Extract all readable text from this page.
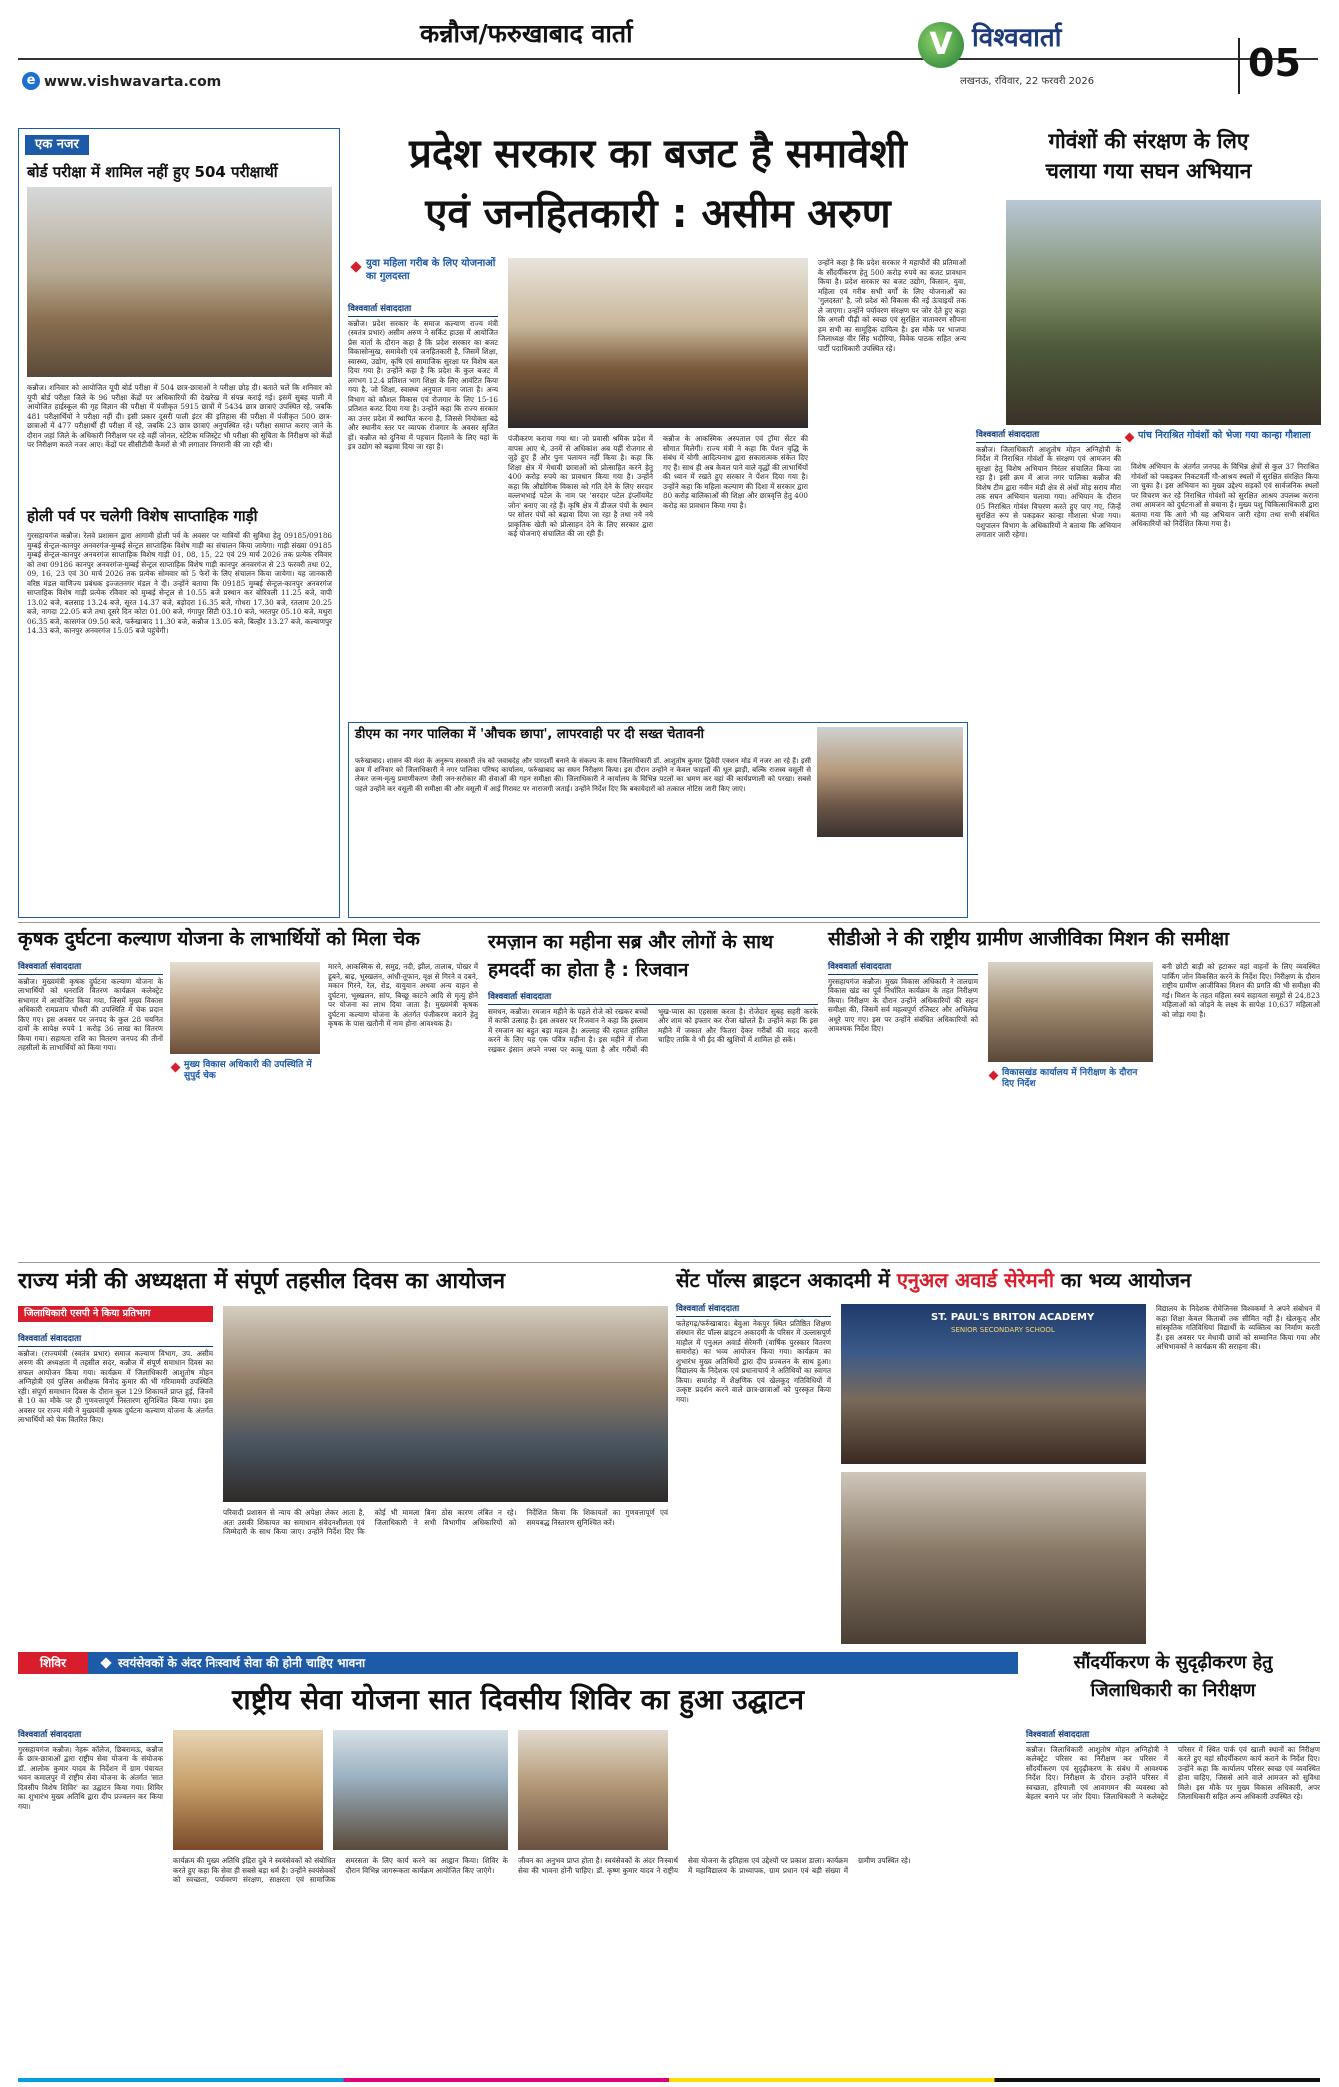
कन्नौज/फरुखाबाद वार्ता
e www.vishwavarta.com
V विश्ववार्ता
लखनऊ, रविवार, 22 फरवरी 2026	05
एक नजर
बोर्ड परीक्षा में शामिल नहीं हुए 504 परीक्षार्थी
कन्नौज। शनिवार को आयोजित यूपी बोर्ड परीक्षा में 504 छात्र-छात्राओं ने परीक्षा छोड़ दी। बताते चलें कि शनिवार को यूपी बोर्ड परीक्षा जिले के 96 परीक्षा केंद्रों पर अधिकारियों की देखरेख में संपन्न कराई गई। इसमें सुबह पाली में आयोजित हाईस्कूल की गृह विज्ञान की परीक्षा में पंजीकृत 5915 छात्रों में 5434 छात्र छात्राएं उपस्थित रहे, जबकि 481 परीक्षार्थियों ने परीक्षा नहीं दी। इसी प्रकार दूसरी पाली इंटर की इतिहास की परीक्षा में पंजीकृत 500 छात्र-छात्राओं में 477 परीक्षार्थी ही परीक्षा में रहे, जबकि 23 छात्र छात्राएं अनुपस्थित रहे। परीक्षा समाप्त कराए जाने के दौरान जहां जिले के अधिकारी निरीक्षण पर रहे वहीं जोनल, स्टेटिक मजिस्ट्रेट भी परीक्षा की सुचिता के निरीक्षण को केंद्रों पर निरीक्षण करते नजर आए। केंद्रों पर सीसीटीवी कैमरों से भी लगातार निगरानी की जा रही थी।
होली पर्व पर चलेगी विशेष साप्ताहिक गाड़ी
गुरसहायगंज कन्नौज। रेलवे प्रशासन द्वारा आगामी होली पर्व के अवसर पर यात्रियों की सुविधा हेतु 09185/09186 मुम्बई सेन्ट्रल-कानपुर अनवरगंज-मुम्बई सेन्ट्रल साप्ताहिक विशेष गाड़ी का संचालन किया जायेगा। गाड़ी संख्या 09185 मुम्बई सेन्ट्रल-कानपुर अनवरगंज साप्ताहिक विशेष गाड़ी 01, 08, 15, 22 एवं 29 मार्च 2026 तक प्रत्येक रविवार को तथा 09186 कानपुर अनवरगंज-मुम्बई सेन्ट्रल साप्ताहिक विशेष गाड़ी कानपुर अनवरगंज से 23 फरवरी तथा 02, 09, 16, 23 एवं 30 मार्च 2026 तक प्रत्येक सोमवार को 5 फेरों के लिए संचालन किया जायेगा। यह जानकारी वरिष्ठ मंडल वाणिज्य प्रबंधक इज्जतनगर मंडल ने दी। उन्होंने बताया कि 09185 मुम्बई सेन्ट्रल-कानपुर अनवरगंज साप्ताहिक विशेष गाड़ी प्रत्येक रविवार को मुम्बई सेन्ट्रल से 10.55 बजे प्रस्थान कर बोरिवली 11.25 बजे, वापी 13.02 बजे, बलसाड़ 13.24 बजे, सूरत 14.37 बजे, बड़ोदरा 16.35 बजे, गोधरा 17.30 बजे, रतलाम 20.25 बजे, नागदा 22.05 बजे तथा दूसरे दिन कोटा 01.00 बजे, गंगापुर सिटी 03.10 बजे, भरतपुर 05.10 बजे, मथुरा 06.35 बजे, कासगंज 09.50 बजे, फर्रुखाबाद 11.30 बजे, कन्नौज 13.05 बजे, बिल्हौर 13.27 बजे, कल्याणपुर 14.33 बजे, कानपुर अनवरगंज 15.05 बजे पहुंचेगी।
प्रदेश सरकार का बजट है समावेशी
एवं जनहितकारी : असीम अरुण
युवा महिला गरीब के लिए योजनाओं का गुलदस्ता
विश्ववार्ता संवाददाता
कन्नौज। प्रदेश सरकार के समाज कल्याण राज्य मंत्री (स्वतंत्र प्रभार) असीम अरुण ने सर्किट हाउस में आयोजित प्रेस वार्ता के दौरान कहा है कि प्रदेश सरकार का बजट विकासोन्मुख, समावेशी एवं जनहितकारी है, जिसमें शिक्षा, स्वास्थ्य, उद्योग, कृषि एवं सामाजिक सुरक्षा पर विशेष बल दिया गया है। उन्होंने कहा है कि प्रदेश के कुल बजट में लगभग 12.4 प्रतिशत भाग शिक्षा के लिए आवंटित किया गया है, जो शिक्षा, स्वास्थ्य अनुपात माना जाता है। अन्य विभाग को कौशल विकास एवं रोजगार के लिए 15-16 प्रतिशत बजट दिया गया है। उन्होंने कहा कि राज्य सरकार का उत्तर प्रदेश में स्थापित करना है, जिससे नियोक्ता बढ़े और स्थानीय स्तर पर व्यापक रोजगार के अवसर सृजित हों। कन्नौज को दुनिया में पहचान दिलाने के लिए यहां के इत्र उद्योग को बढ़ावा दिया जा रहा है।
पंजीकरण कराया गया था। जो प्रवासी श्रमिक प्रदेश में वापस आए थे, उनमें से अधिकांश अब यहीं रोजगार से जुड़े हुए हैं और पुनः पलायन नहीं किया है। कहा कि शिक्षा क्षेत्र में मेधावी छात्राओं को प्रोत्साहित करने हेतु 400 करोड़ रुपये का प्रावधान किया गया है। उन्होंने कहा कि औद्योगिक विकास को गति देने के लिए सरदार वल्लभभाई पटेल के नाम पर 'सरदार पटेल इंप्लॉयमेंट जोन' बनाए जा रहे हैं। कृषि क्षेत्र में डीजल पंपों के स्थान पर सोलर पंपों को बढ़ावा दिया जा रहा है तथा नये नये प्राकृतिक खेती को प्रोत्साहन देने के लिए सरकार द्वारा कई योजनाएं संचालित की जा रही हैं।
कन्नौज के आकस्मिक अस्पताल एवं ट्रॉमा सेंटर की सौगात मिलेगी। राज्य मंत्री ने कहा कि पेंशन वृद्धि के संबंध में योगी आदित्यनाथ द्वारा सकारात्मक संकेत दिए गए हैं। साथ ही अब केवल पाने वाले वृद्धों की लाभार्थियों की ध्यान में रखते हुए सरकार ने पेंशन दिया गया है। उन्होंने कहा कि महिला कल्याण की दिशा में सरकार द्वारा 80 करोड़ बालिकाओं की शिक्षा और छात्रवृत्ति हेतु 400 करोड़ का प्रावधान किया गया है।
उन्होंने कहा है कि प्रदेश सरकार ने महापौरों की प्रतिमाओं के सौंदर्यीकरण हेतु 500 करोड़ रुपये का बजट प्रावधान किया है। प्रदेश सरकार का बजट उद्योग, किसान, युवा, महिला एवं गरीब सभी वर्गों के लिए योजनाओं का 'गुलदस्ता' है, जो प्रदेश को विकास की नई ऊंचाइयों तक ले जाएगा। उन्होंने पर्यावरण संरक्षण पर जोर देते हुए कहा कि अगली पीढ़ी को स्वच्छ एवं सुरक्षित वातावरण सौंपना हम सभी का सामूहिक दायित्व है। इस मौके पर भाजपा जिलाध्यक्ष वीर सिंह भदौरिया, विवेक पाठक सहित अन्य पार्टी पदाधिकारी उपस्थित रहे।
डीएम का नगर पालिका में 'औचक छापा', लापरवाही पर दी सख्त चेतावनी
फर्रुखाबाद। शासन की मंशा के अनुरूप सरकारी तंत्र को जवाबदेह और पारदर्शी बनाने के संकल्प के साथ जिलाधिकारी डॉ. आशुतोष कुमार द्विवेदी एक्शन मोड में नजर आ रहे हैं। इसी क्रम में शनिवार को जिलाधिकारी ने नगर पालिका परिषद कार्यालय, फर्रुखाबाद का सघन निरीक्षण किया। इस दौरान उन्होंने न केवल फाइलों की धूल झाड़ी, बल्कि राजस्व वसूली से लेकर जन्म-मृत्यु प्रमाणीकरण जैसी जन-सरोकार की सेवाओं की गहन समीक्षा की। जिलाधिकारी ने कार्यालय के विभिन्न पटलों का भ्रमण कर वहां की कार्यप्रणाली को परखा। सबसे पहले उन्होंने कर वसूली की समीक्षा की और वसूली में आई गिरावट पर नाराजगी जताई। उन्होंने निर्देश दिए कि बकायेदारों को तत्काल नोटिस जारी किए जाएं।
गोवंशों की संरक्षण के लिए
चलाया गया सघन अभियान
पांच निराश्रित गोवंशों को भेजा गया कान्हा गौशाला
विश्ववार्ता संवाददाता
कन्नौज। जिलाधिकारी आशुतोष मोहन अग्निहोत्री के निर्देश में निराश्रित गोवंशों के संरक्षण एवं आमजन की सुरक्षा हेतु विशेष अभियान निरंतर संचालित किया जा रहा है। इसी क्रम में आज नगर पालिका कन्नौज की विशेष टीम द्वारा नवीन मंडी क्षेत्र से अंधों मोड़ सराय मीरा तक सघन अभियान चलाया गया। अभियान के दौरान 05 निराश्रित गोवंश विचरण करते हुए पाए गए, जिन्हें सुरक्षित रूप से पकड़कर कान्हा गौशाला भेजा गया। पशुपालन विभाग के अधिकारियों ने बताया कि अभियान लगातार जारी रहेगा।
विशेष अभियान के अंतर्गत जनपद के विभिन्न क्षेत्रों से कुल 37 निराश्रित गोवंशों को पकड़कर निकटवर्ती गौ-आश्रय स्थलों में सुरक्षित संरक्षित किया जा चुका है। इस अभियान का मुख्य उद्देश्य सड़कों एवं सार्वजनिक स्थलों पर विचरण कर रहे निराश्रित गोवंशों को सुरक्षित आश्रय उपलब्ध कराना तथा आमजन को दुर्घटनाओं से बचाना है। मुख्य पशु चिकित्साधिकारी द्वारा बताया गया कि आगे भी यह अभियान जारी रहेगा तथा सभी संबंधित अधिकारियों को निर्देशित किया गया है।
कृषक दुर्घटना कल्याण योजना के लाभार्थियों को मिला चेक
विश्ववार्ता संवाददाता
कन्नौज। मुख्यमंत्री कृषक दुर्घटना कल्याण योजना के लाभार्थियों को धनराशि वितरण कार्यक्रम कलेक्ट्रेट सभागार में आयोजित किया गया, जिसमें मुख्य विकास अधिकारी रामप्रताप चौधरी की उपस्थिति में चेक प्रदान किए गए। इस अवसर पर जनपद के कुल 28 चयनित दावों के सापेक्ष रुपये 1 करोड़ 36 लाख का वितरण किया गया। सहायता राशि का वितरण जनपद की तीनों तहसीलों के लाभार्थियों को किया गया।
मुख्य विकास अधिकारी की उपस्थिति में सुपुर्द चेक
मारने, आकस्मिक से, समुद्र, नदी, झील, तालाब, पोखर में डूबने, बाढ़, भूस्खलन, आंधी-तूफान, वृक्ष से गिरने व दबने, मकान गिरने, रेल, रोड, वायुयान अथवा अन्य वाहन से दुर्घटना, भूस्खलन, सांप, बिच्छू काटने आदि से मृत्यु होने पर योजना का लाभ दिया जाता है। मुख्यमंत्री कृषक दुर्घटना कल्याण योजना के अंतर्गत पंजीकरण कराने हेतु कृषक के पास खतौनी में नाम होना आवश्यक है।
रमज़ान का महीना सब्र और लोगों के साथ हमदर्दी का होता है : रिजवान
विश्ववार्ता संवाददाता
समधन, कन्नौज। रमजान महीने के पहले रोजे को रखकर बच्चों में काफी उत्साह है। इस अवसर पर रिजवान ने कहा कि इस्लाम में रमजान का बहुत बड़ा महत्व है। अल्लाह की रहमत हासिल करने के लिए यह एक पवित्र महीना है। इस महीने में रोजा रखकर इंसान अपने नफ्स पर काबू पाता है और गरीबों की भूख-प्यास का एहसास करता है। रोजेदार सुबह सहरी करके और शाम को इफ्तार कर रोजा खोलते हैं। उन्होंने कहा कि इस महीने में जकात और फितरा देकर गरीबों की मदद करनी चाहिए ताकि वे भी ईद की खुशियों में शामिल हो सकें।
सीडीओ ने की राष्ट्रीय ग्रामीण आजीविका मिशन की समीक्षा
विश्ववार्ता संवाददाता
गुरसहायगंज कन्नौज। मुख्य विकास अधिकारी ने तालग्राम विकास खंड का पूर्व निर्धारित कार्यक्रम के तहत निरीक्षण किया। निरीक्षण के दौरान उन्होंने अधिकारियों की सहन समीक्षा की, जिसमें सर्व महत्वपूर्ण रजिस्टर और अभिलेख अधूरे पाए गए। इस पर उन्होंने संबंधित अधिकारियों को आवश्यक निर्देश दिए।
विकासखंड कार्यालय में निरीक्षण के दौरान दिए निर्देश
बनी छोटी बाड़ी को हटाकर वहां वाहनों के लिए व्यवस्थित पार्किंग जोन विकसित करने के निर्देश दिए। निरीक्षण के दौरान राष्ट्रीय ग्रामीण आजीविका मिशन की प्रगति की भी समीक्षा की गई। मिशन के तहत महिला स्वयं सहायता समूहों से 24,823 महिलाओं को जोड़ने के लक्ष्य के सापेक्ष 10,637 महिलाओं को जोड़ा गया है।
राज्य मंत्री की अध्यक्षता में संपूर्ण तहसील दिवस का आयोजन
जिलाधिकारी एसपी ने किया प्रतिभाग
विश्ववार्ता संवाददाता
कन्नौज। (राज्यमंत्री (स्वतंत्र प्रभार) समाज कल्याण विभाग, उप. असीम अरुण की अध्यक्षता में तहसील सदर, कन्नौज में संपूर्ण समाधान दिवस का सफल आयोजन किया गया। कार्यक्रम में जिलाधिकारी आशुतोष मोहन अग्निहोत्री एवं पुलिस अधीक्षक विनोद कुमार की भी गरिमामयी उपस्थिति रही। संपूर्ण समाधान दिवस के दौरान कुल 129 शिकायतें प्राप्त हुई, जिनमें से 10 का मौके पर ही गुणवत्तापूर्ण निस्तारण सुनिश्चित किया गया। इस अवसर पर राज्य मंत्री ने मुख्यमंत्री कृषक दुर्घटना कल्याण योजना के अंतर्गत लाभार्थियों को चेक वितरित किए।
परिवादी प्रशासन से न्याय की अपेक्षा लेकर आता है, अतः उसकी शिकायत का समाधान संवेदनशीलता एवं जिम्मेदारी के साथ किया जाए। उन्होंने निर्देश दिए कि कोई भी मामला बिना ठोस कारण लंबित न रहे। जिलाधिकारी ने सभी विभागीय अधिकारियों को निर्देशित किया कि शिकायतों का गुणवत्तापूर्ण एवं समयबद्ध निस्तारण सुनिश्चित करें।
सेंट पॉल्स ब्राइटन अकादमी में एनुअल अवार्ड सेरेमनी का भव्य आयोजन
विश्ववार्ता संवाददाता
फतेहगढ़/फर्रुखाबाद। बेवुआ नेकपुर स्थित प्रतिष्ठित शिक्षण संस्थान सेंट पॉल्स ब्राइटन अकादमी के परिसर में उल्लासपूर्ण माहौल में एनुअल अवार्ड सेरेमनी (वार्षिक पुरस्कार वितरण समारोह) का भव्य आयोजन किया गया। कार्यक्रम का शुभारंभ मुख्य अतिथियों द्वारा दीप प्रज्वलन के साथ हुआ। विद्यालय के निदेशक एवं प्रधानाचार्य ने अतिथियों का स्वागत किया। समारोह में शैक्षणिक एवं खेलकूद गतिविधियों में उत्कृष्ट प्रदर्शन करने वाले छात्र-छात्राओं को पुरस्कृत किया गया।
ST. PAUL'S BRITON ACADEMY
SENIOR SECONDARY SCHOOL
विद्यालय के निदेशक रोमेजिनस विश्वकर्मा ने अपने संबोधन में कहा शिक्षा केवल किताबों तक सीमित नहीं है। खेलकूद और सांस्कृतिक गतिविधियां विद्यार्थी के व्यक्तित्व का निर्माण करती हैं। इस अवसर पर मेधावी छात्रों को सम्मानित किया गया और अभिभावकों ने कार्यक्रम की सराहना की।
शिविर	स्वयंसेवकों के अंदर निःस्वार्थ सेवा की होनी चाहिए भावना
राष्ट्रीय सेवा योजना सात दिवसीय शिविर का हुआ उद्घाटन
विश्ववार्ता संवाददाता
गुरसहायगंज कन्नौज। नेहरू कॉलेज, छिबरामऊ, कन्नौज के छात्र-छात्राओं द्वारा राष्ट्रीय सेवा योजना के संयोजक डॉ. आलोक कुमार यादव के निर्देशन में ग्राम पंचायत भवन कमालपुर में राष्ट्रीय सेवा योजना के अंतर्गत 'सात दिवसीय विशेष शिविर' का उद्घाटन किया गया। शिविर का शुभारंभ मुख्य अतिथि द्वारा दीप प्रज्वलन कर किया गया।
कार्यक्रम की मुख्य अतिथि इंद्रिरा दुबे ने स्वयंसेवकों को संबोधित करते हुए कहा कि सेवा ही सबसे बड़ा धर्म है। उन्होंने स्वयंसेवकों को स्वच्छता, पर्यावरण संरक्षण, साक्षरता एवं सामाजिक समरसता के लिए कार्य करने का आह्वान किया। शिविर के दौरान विभिन्न जागरूकता कार्यक्रम आयोजित किए जाएंगे।
जीवन का अनुभव प्राप्त होता है। स्वयंसेवकों के अंदर निःस्वार्थ सेवा की भावना होनी चाहिए। डॉ. कृष्ण कुमार यादव ने राष्ट्रीय सेवा योजना के इतिहास एवं उद्देश्यों पर प्रकाश डाला। कार्यक्रम में महाविद्यालय के प्राध्यापक, ग्राम प्रधान एवं बड़ी संख्या में ग्रामीण उपस्थित रहे।
सौंदर्यीकरण के सुदृढ़ीकरण हेतु
जिलाधिकारी का निरीक्षण
विश्ववार्ता संवाददाता
कन्नौज। जिलाधिकारी आशुतोष मोहन अग्निहोत्री ने कलेक्ट्रेट परिसर का निरीक्षण कर परिसर में सौंदर्यीकरण एवं सुदृढ़ीकरण के संबंध में आवश्यक निर्देश दिए। निरीक्षण के दौरान उन्होंने परिसर में स्वच्छता, हरियाली एवं आवागमन की व्यवस्था को बेहतर बनाने पर जोर दिया। जिलाधिकारी ने कलेक्ट्रेट परिसर में स्थित पार्क एवं खाली स्थानों का निरीक्षण करते हुए वहां सौंदर्यीकरण कार्य कराने के निर्देश दिए। उन्होंने कहा कि कार्यालय परिसर स्वच्छ एवं व्यवस्थित होना चाहिए, जिससे आने वाले आमजन को सुविधा मिले। इस मौके पर मुख्य विकास अधिकारी, अपर जिलाधिकारी सहित अन्य अधिकारी उपस्थित रहे।
